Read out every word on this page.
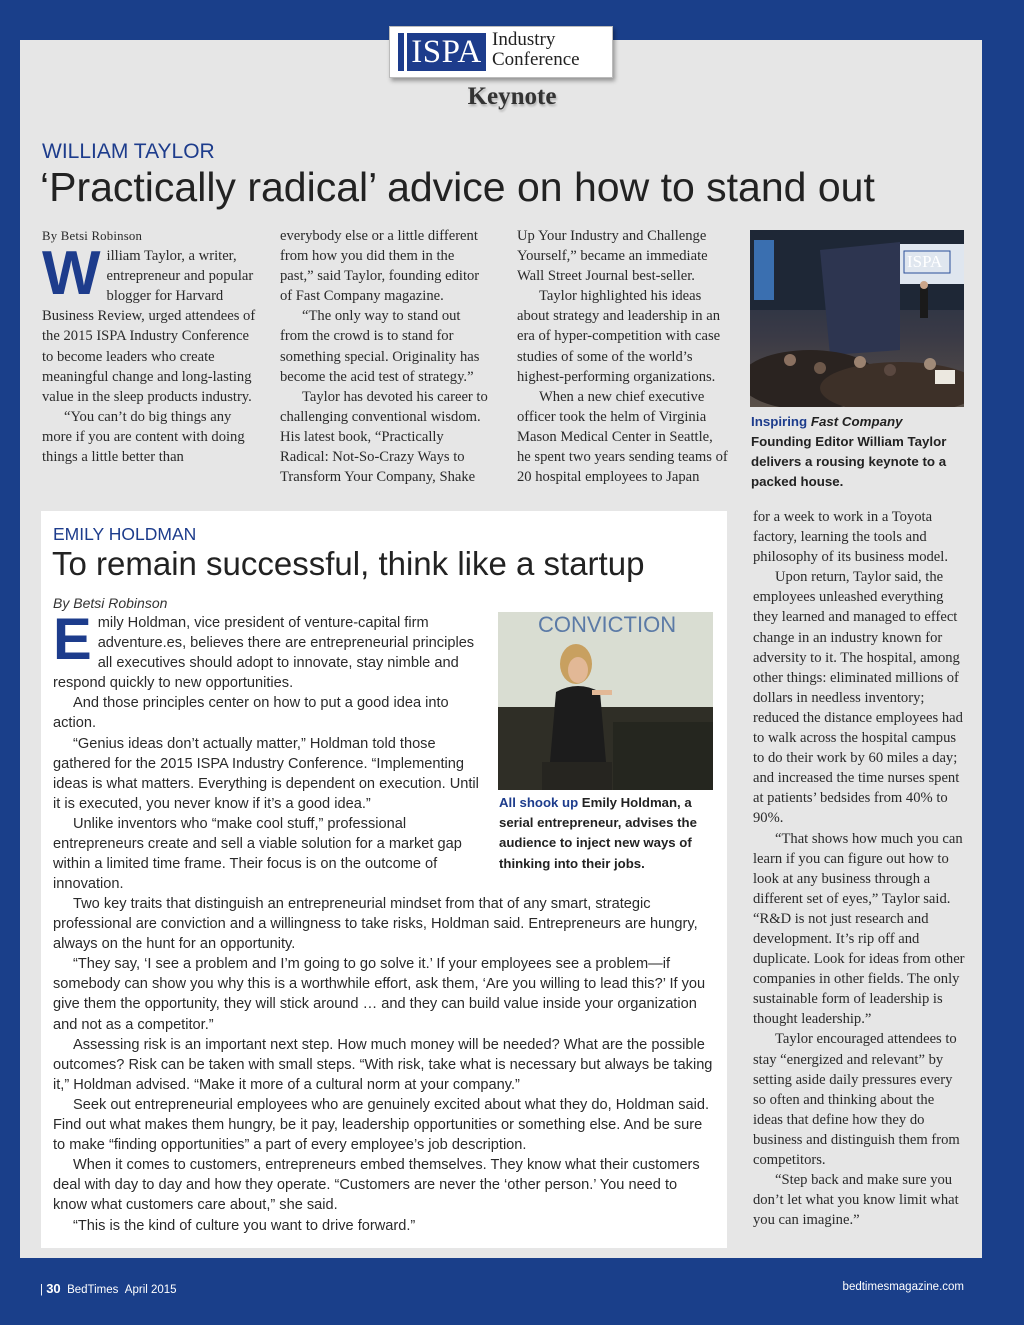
ISPA Industry
Conference
Keynote
WILLIAM TAYLOR
‘Practically radical’ advice on how to stand out
By Betsi Robinson

William Taylor, a writer, entrepreneur and popular blogger for Harvard Business Review, urged attendees of the 2015 ISPA Industry Conference to become leaders who create meaningful change and long-lasting value in the sleep products industry.

“You can’t do big things any more if you are content with doing things a little better than

everybody else or a little different from how you did them in the past,” said Taylor, founding editor of Fast Company magazine.

“The only way to stand out from the crowd is to stand for something special. Originality has become the acid test of strategy.”

Taylor has devoted his career to challenging conventional wisdom. His latest book, “Practically Radical: Not-So-Crazy Ways to Transform Your Company, Shake

Up Your Industry and Challenge Yourself,” became an immediate Wall Street Journal best-seller.

Taylor highlighted his ideas about strategy and leadership in an era of hyper-competition with case studies of some of the world’s highest-performing organizations.

When a new chief executive officer took the helm of Virginia Mason Medical Center in Seattle, he spent two years sending teams of 20 hospital employees to Japan

ISPA
Inspiring Fast Company Founding Editor William Taylor delivers a rousing keynote to a packed house.

for a week to work in a Toyota factory, learning the tools and philosophy of its business model.

Upon return, Taylor said, the employees unleashed everything they learned and managed to effect change in an industry known for adversity to it. The hospital, among other things: eliminated millions of dollars in needless inventory; reduced the distance employees had to walk across the hospital campus to do their work by 60 miles a day; and increased the time nurses spent at patients’ bedsides from 40% to 90%.

“That shows how much you can learn if you can figure out how to look at any business through a different set of eyes,” Taylor said. “R&D is not just research and development. It’s rip off and duplicate. Look for ideas from other companies in other fields. The only sustainable form of leadership is thought leadership.”

Taylor encouraged attendees to stay “energized and relevant” by setting aside daily pressures every so often and thinking about the ideas that define how they do business and distinguish them from competitors.

“Step back and make sure you don’t let what you know limit what you can imagine.”

EMILY HOLDMAN
To remain successful, think like a startup
By Betsi Robinson

Emily Holdman, vice president of venture-capital firm adventure.es, believes there are entrepreneurial principles all executives should adopt to innovate, stay nimble and respond quickly to new opportunities.

And those principles center on how to put a good idea into action.

“Genius ideas don’t actually matter,” Holdman told those gathered for the 2015 ISPA Industry Conference. “Implementing ideas is what matters. Everything is dependent on execution. Until it is executed, you never know if it’s a good idea.”

Unlike inventors who “make cool stuff,” professional entrepreneurs create and sell a viable solution for a market gap within a limited time frame. Their focus is on the outcome of innovation.

CONVICTION
All shook up Emily Holdman, a serial entrepreneur, advises the audience to inject new ways of thinking into their jobs.

Two key traits that distinguish an entrepreneurial mindset from that of any smart, strategic professional are conviction and a willingness to take risks, Holdman said. Entrepreneurs are hungry, always on the hunt for an opportunity.

“They say, ‘I see a problem and I’m going to go solve it.’ If your employees see a problem—if somebody can show you why this is a worthwhile effort, ask them, ‘Are you willing to lead this?’ If you give them the opportunity, they will stick around … and they can build value inside your organization and not as a competitor.”

Assessing risk is an important next step. How much money will be needed? What are the possible outcomes? Risk can be taken with small steps. “With risk, take what is necessary but always be taking it,” Holdman advised. “Make it more of a cultural norm at your company.”

Seek out entrepreneurial employees who are genuinely excited about what they do, Holdman said. Find out what makes them hungry, be it pay, leadership opportunities or something else. And be sure to make “finding opportunities” a part of every employee’s job description.

When it comes to customers, entrepreneurs embed themselves. They know what their customers deal with day to day and how they operate. “Customers are never the ‘other person.’ You need to know what customers care about,” she said.

“This is the kind of culture you want to drive forward.”

| 30 BedTimes April 2015	bedtimesmagazine.com
